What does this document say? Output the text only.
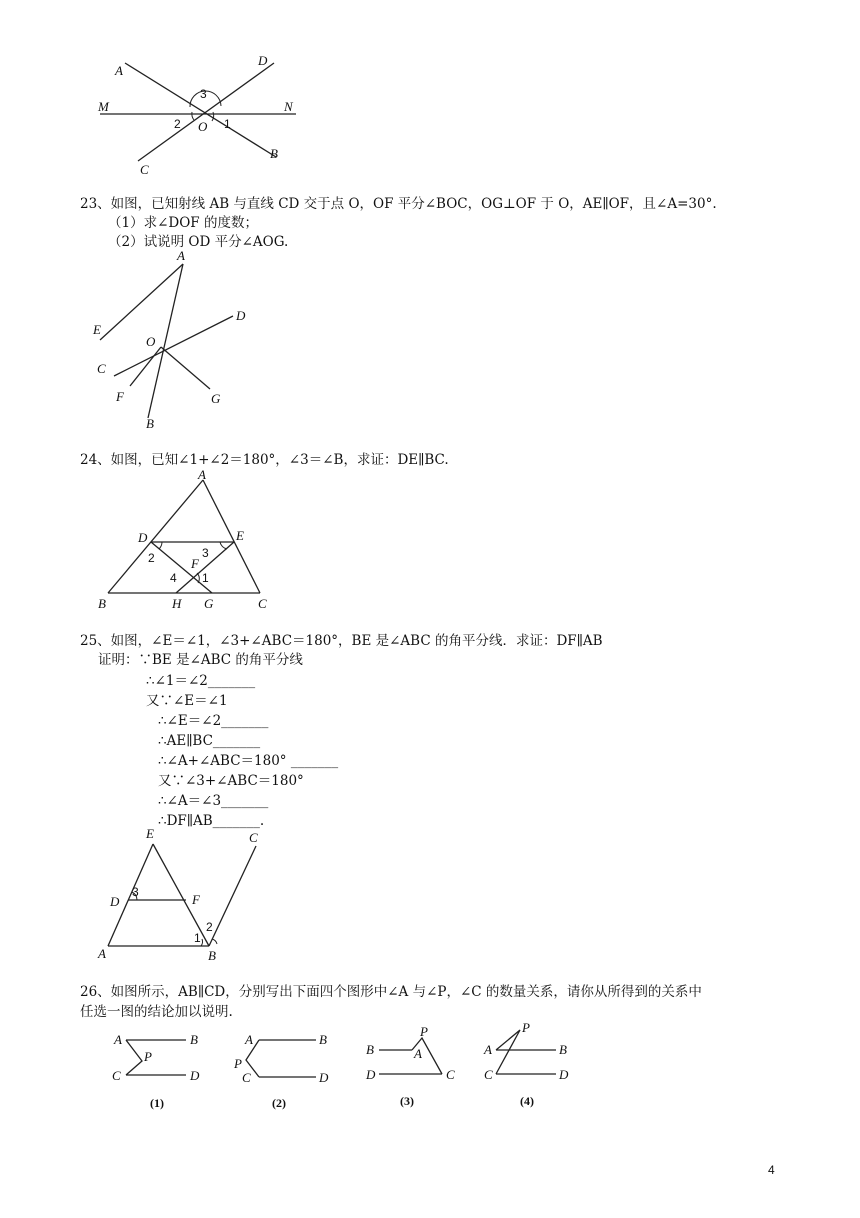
A
D
M	N
C
B
O
3
2	1
23、如图，已知射线 AB 与直线 CD 交于点 O，OF 平分∠BOC，OG⊥OF 于 O，AE∥OF，且∠A=30°.
（1）求∠DOF 的度数；
（2）试说明 OD 平分∠AOG.
A
E
D
O
C
F	G
B
24、如图，已知∠1+∠2＝180°，∠3＝∠B，求证：DE∥BC.
A
D	E
F
B	H G	C
2	3
4 1
25、如图，∠E＝∠1，∠3+∠ABC＝180°，BE 是∠ABC 的角平分线．求证：DF∥AB
证明：∵BE 是∠ABC 的角平分线
∴∠1＝∠2_______
又∵∠E＝∠1
∴∠E＝∠2_______
∴AE∥BC_______
∴∠A+∠ABC＝180° _______
又∵∠3+∠ABC＝180°
∴∠A＝∠3_______
∴DF∥AB_______.
E	C
D	F
A	B
3
1
2
26、如图所示，AB∥CD，分别写出下面四个图形中∠A 与∠P，∠C 的数量关系，请你从所得到的关系中
任选一图的结论加以说明.
A	B
P
C	D
(1)
A	B
P
C	D
(2)
B
P
A
D	C
(3)
A
P
B
C	D
(4)
4
